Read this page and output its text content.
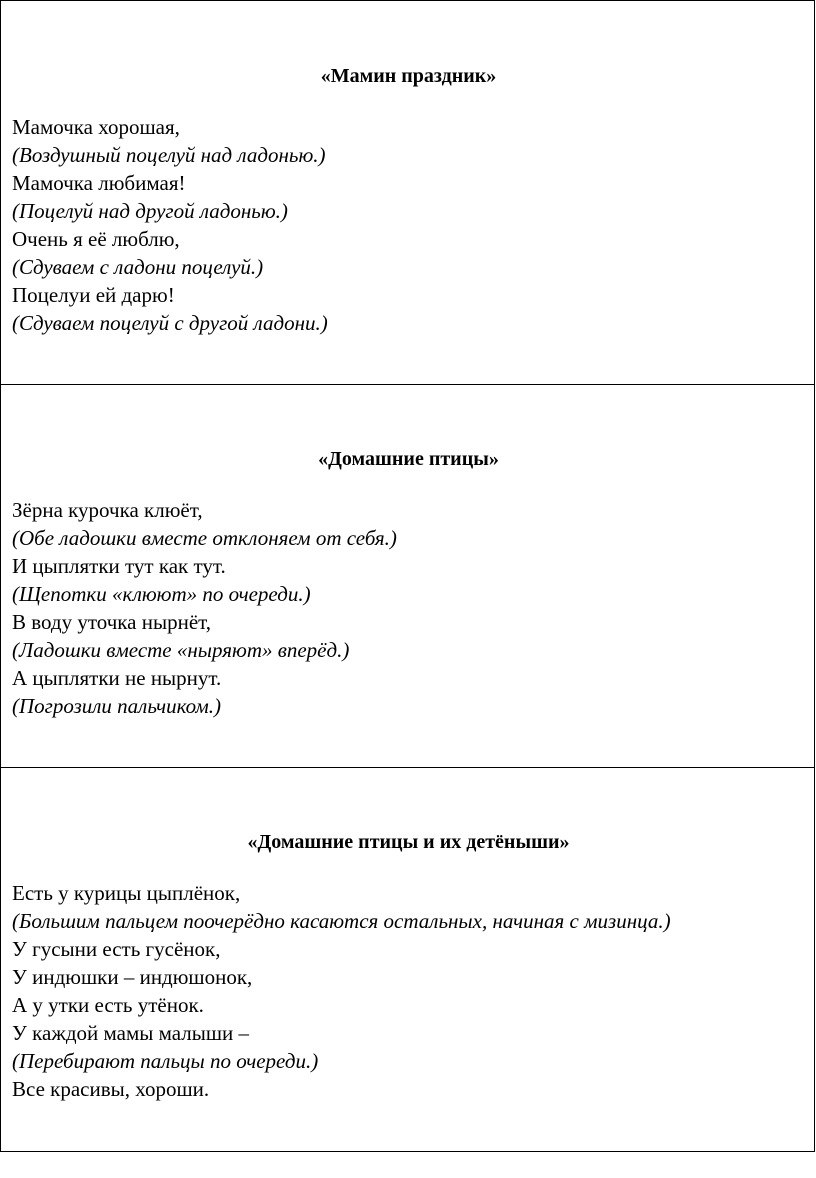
«Мамин праздник»
Мамочка хорошая,
(Воздушный поцелуй над ладонью.)
Мамочка любимая!
(Поцелуй над другой ладонью.)
Очень я её люблю,
(Сдуваем с ладони поцелуй.)
Поцелуи ей дарю!
(Сдуваем поцелуй с другой ладони.)
«Домашние птицы»
Зёрна курочка клюёт,
(Обе ладошки вместе отклоняем от себя.)
И цыплятки тут как тут.
(Щепотки «клюют» по очереди.)
В воду уточка нырнёт,
(Ладошки вместе «ныряют» вперёд.)
А цыплятки не нырнут.
(Погрозили пальчиком.)
«Домашние птицы и их детёныши»
Есть у курицы цыплёнок,
(Большим пальцем поочерёдно касаются остальных, начиная с мизинца.)
У гусыни есть гусёнок,
У индюшки – индюшонок,
А у утки есть утёнок.
У каждой мамы малыши –
(Перебирают пальцы по очереди.)
Все красивы, хороши.
